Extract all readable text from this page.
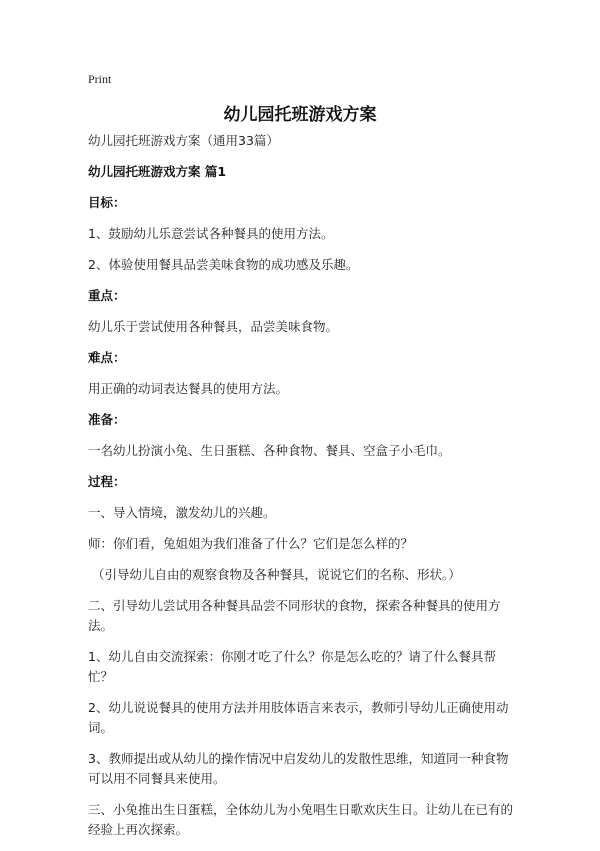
Print
幼儿园托班游戏方案

幼儿园托班游戏方案（通用33篇）

幼儿园托班游戏方案 篇1

目标：

1、鼓励幼儿乐意尝试各种餐具的使用方法。

2、体验使用餐具品尝美味食物的成功感及乐趣。

重点：

幼儿乐于尝试使用各种餐具，品尝美味食物。

难点：

用正确的动词表达餐具的使用方法。

准备：

一名幼儿扮演小兔、生日蛋糕、各种食物、餐具、空盒子小毛巾。

过程：

一、导入情境，激发幼儿的兴趣。

师：你们看，兔姐姐为我们准备了什么？它们是怎么样的？

（引导幼儿自由的观察食物及各种餐具，说说它们的名称、形状。）

二、引导幼儿尝试用各种餐具品尝不同形状的食物，探索各种餐具的使用方法。

1、幼儿自由交流探索：你刚才吃了什么？你是怎么吃的？请了什么餐具帮忙？

2、幼儿说说餐具的使用方法并用肢体语言来表示，教师引导幼儿正确使用动词。

3、教师提出或从幼儿的操作情况中启发幼儿的发散性思维，知道同一种食物可以用不同餐具来使用。

三、小兔推出生日蛋糕，全体幼儿为小兔唱生日歌欢庆生日。让幼儿在已有的经验上再次探索。
